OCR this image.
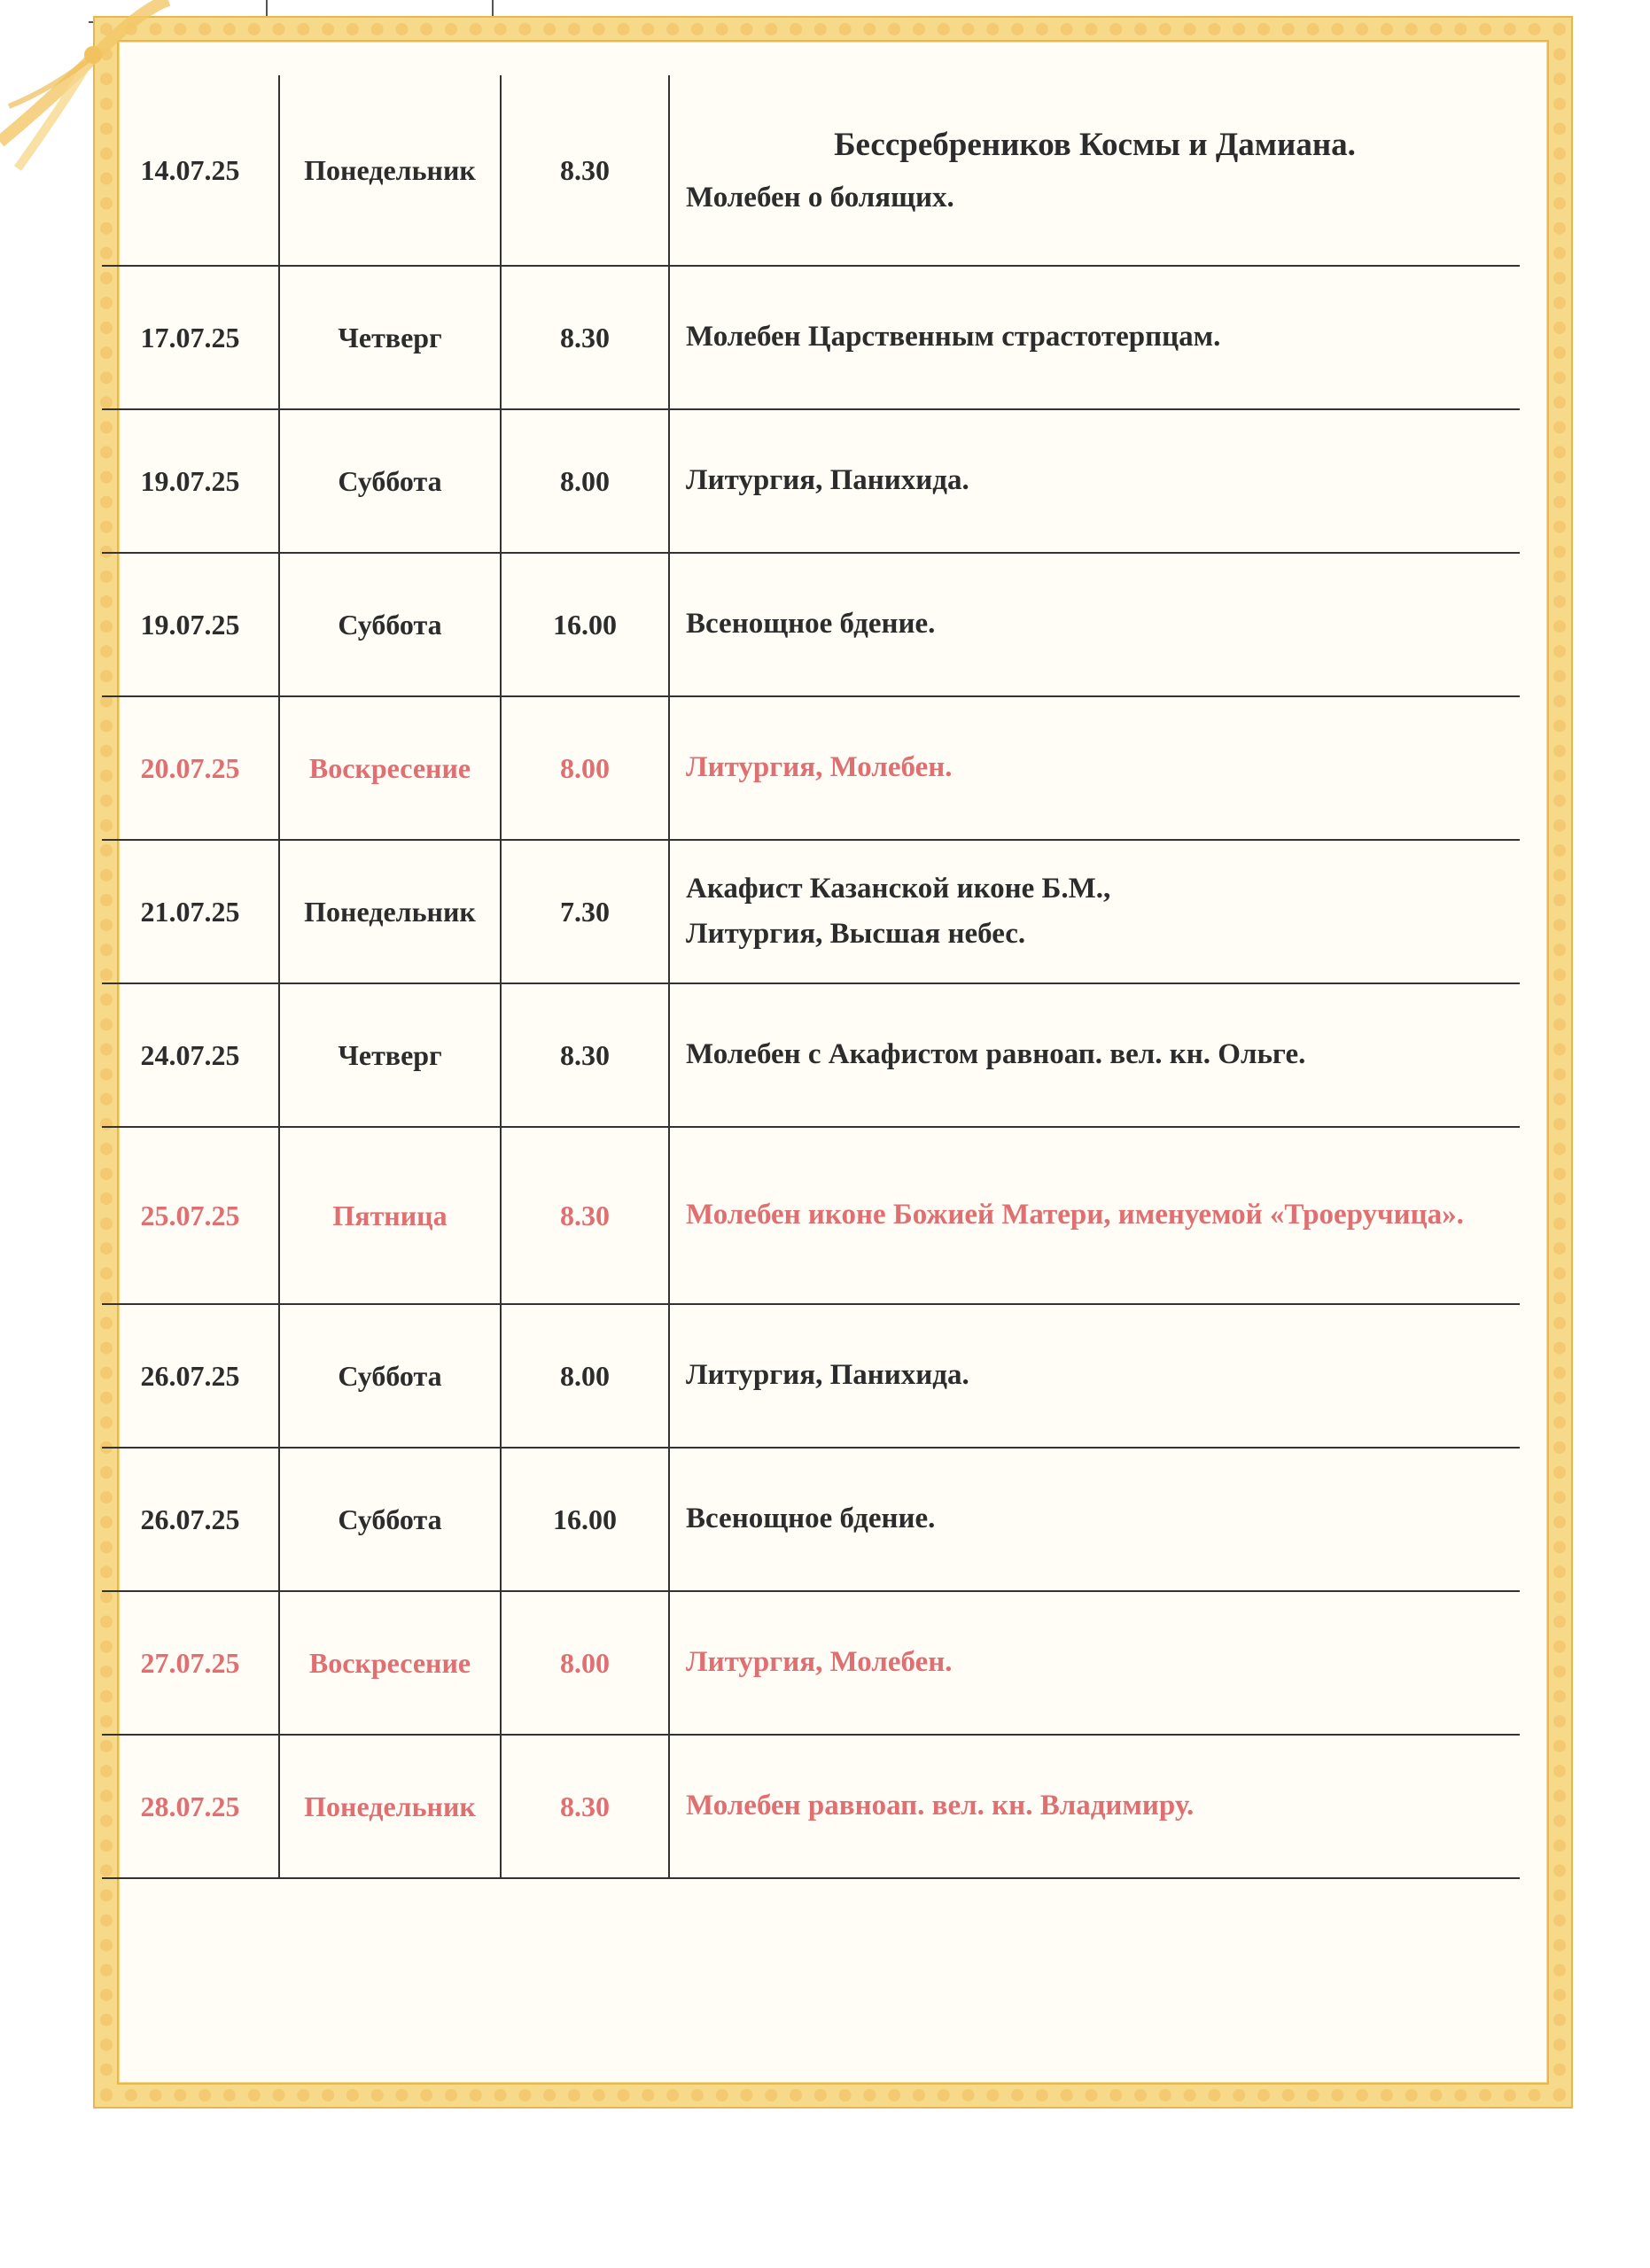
14.07.25	Понедельник	8.30	Бессребреников Космы и Дамиана.
Молебен о болящих.

17.07.25	Четверг	8.30	Молебен Царственным страстотерпцам.

19.07.25	Суббота	8.00	Литургия, Панихида.

19.07.25	Суббота	16.00	Всенощное бдение.

20.07.25	Воскресение	8.00	Литургия, Молебен.

21.07.25	Понедельник	7.30	Акафист Казанской иконе Б.М.,
Литургия, Высшая небес.

24.07.25	Четверг	8.30	Молебен с Акафистом равноап. вел. кн. Ольге.

25.07.25	Пятница	8.30	Молебен иконе Божией Матери, именуемой «Троеручица».

26.07.25	Суббота	8.00	Литургия, Панихида.

26.07.25	Суббота	16.00	Всенощное бдение.

27.07.25	Воскресение	8.00	Литургия, Молебен.

28.07.25	Понедельник	8.30	Молебен равноап. вел. кн. Владимиру.
